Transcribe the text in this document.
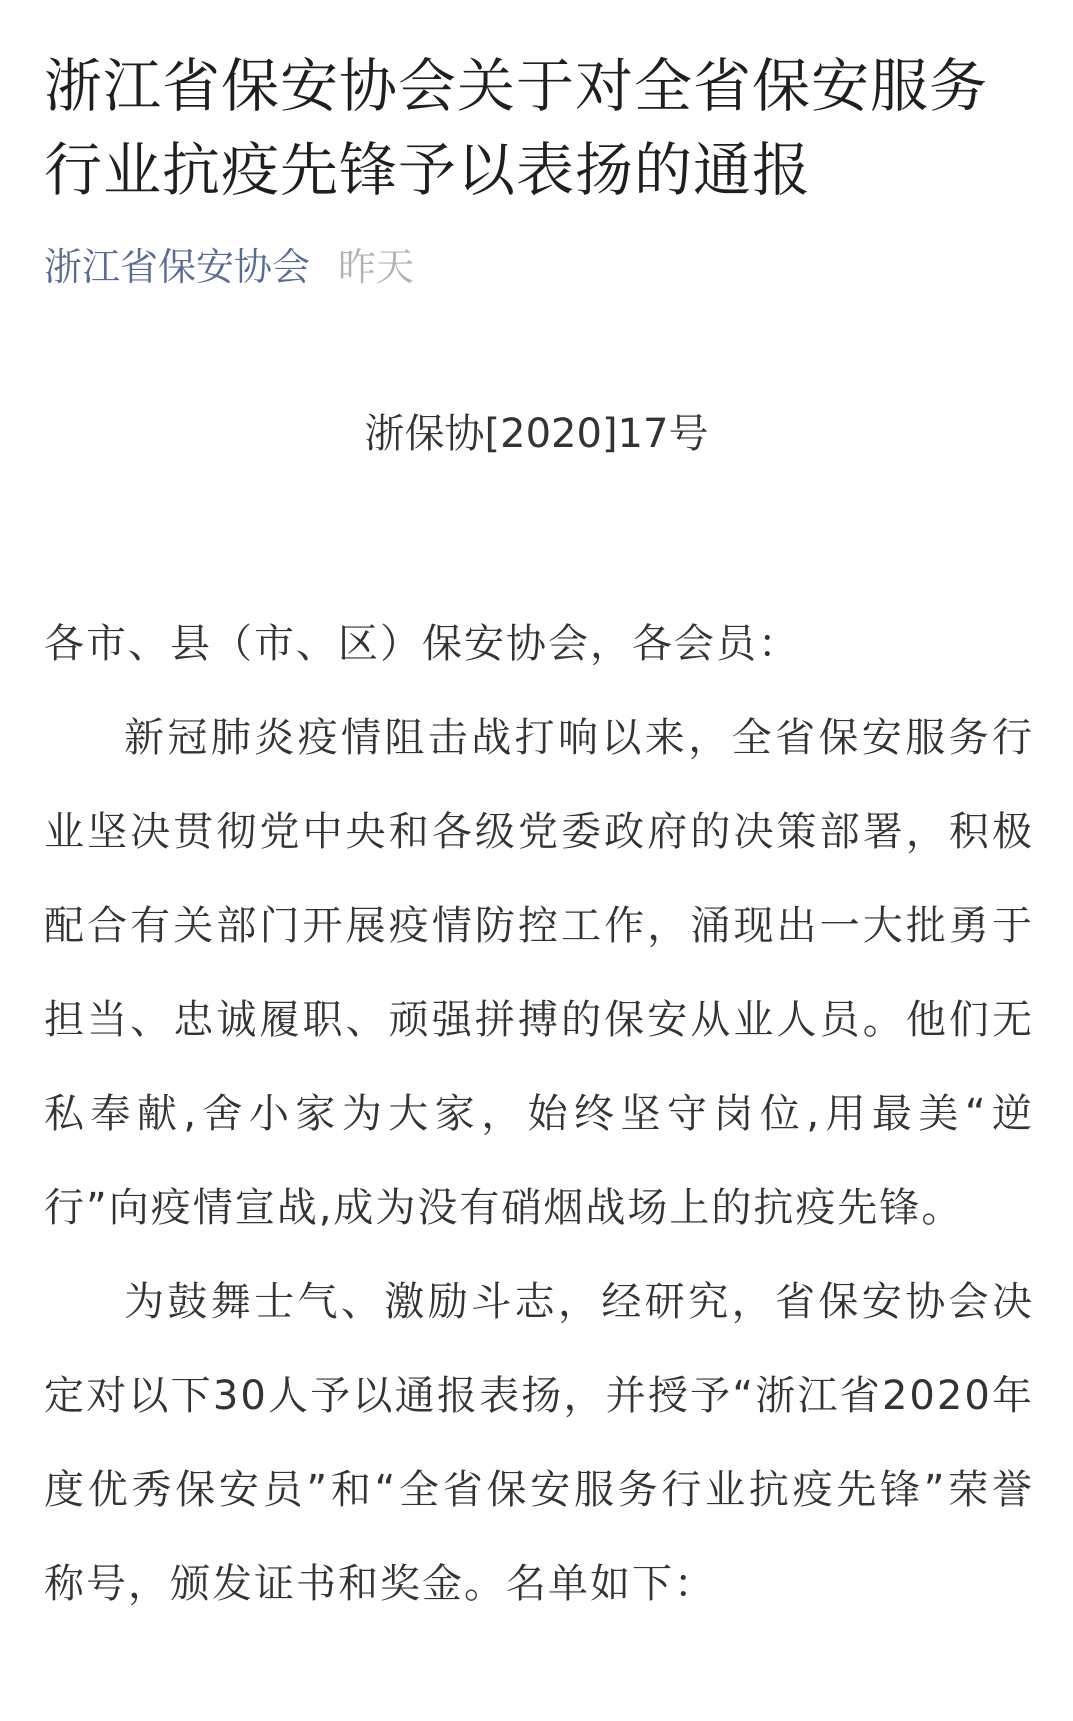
浙江省保安协会关于对全省保安服务行业抗疫先锋予以表扬的通报
浙江省保安协会 昨天
浙保协[2020]17号

各市、县（市、区）保安协会，各会员：

新冠肺炎疫情阻击战打响以来，全省保安服务行业坚决贯彻党中央和各级党委政府的决策部署，积极配合有关部门开展疫情防控工作，涌现出一大批勇于担当、忠诚履职、顽强拼搏的保安从业人员。他们无私奉献,舍小家为大家，始终坚守岗位,用最美“逆行”向疫情宣战,成为没有硝烟战场上的抗疫先锋。

为鼓舞士气、激励斗志，经研究，省保安协会决定对以下30人予以通报表扬，并授予“浙江省2020年度优秀保安员”和“全省保安服务行业抗疫先锋”荣誉称号，颁发证书和奖金。名单如下：
